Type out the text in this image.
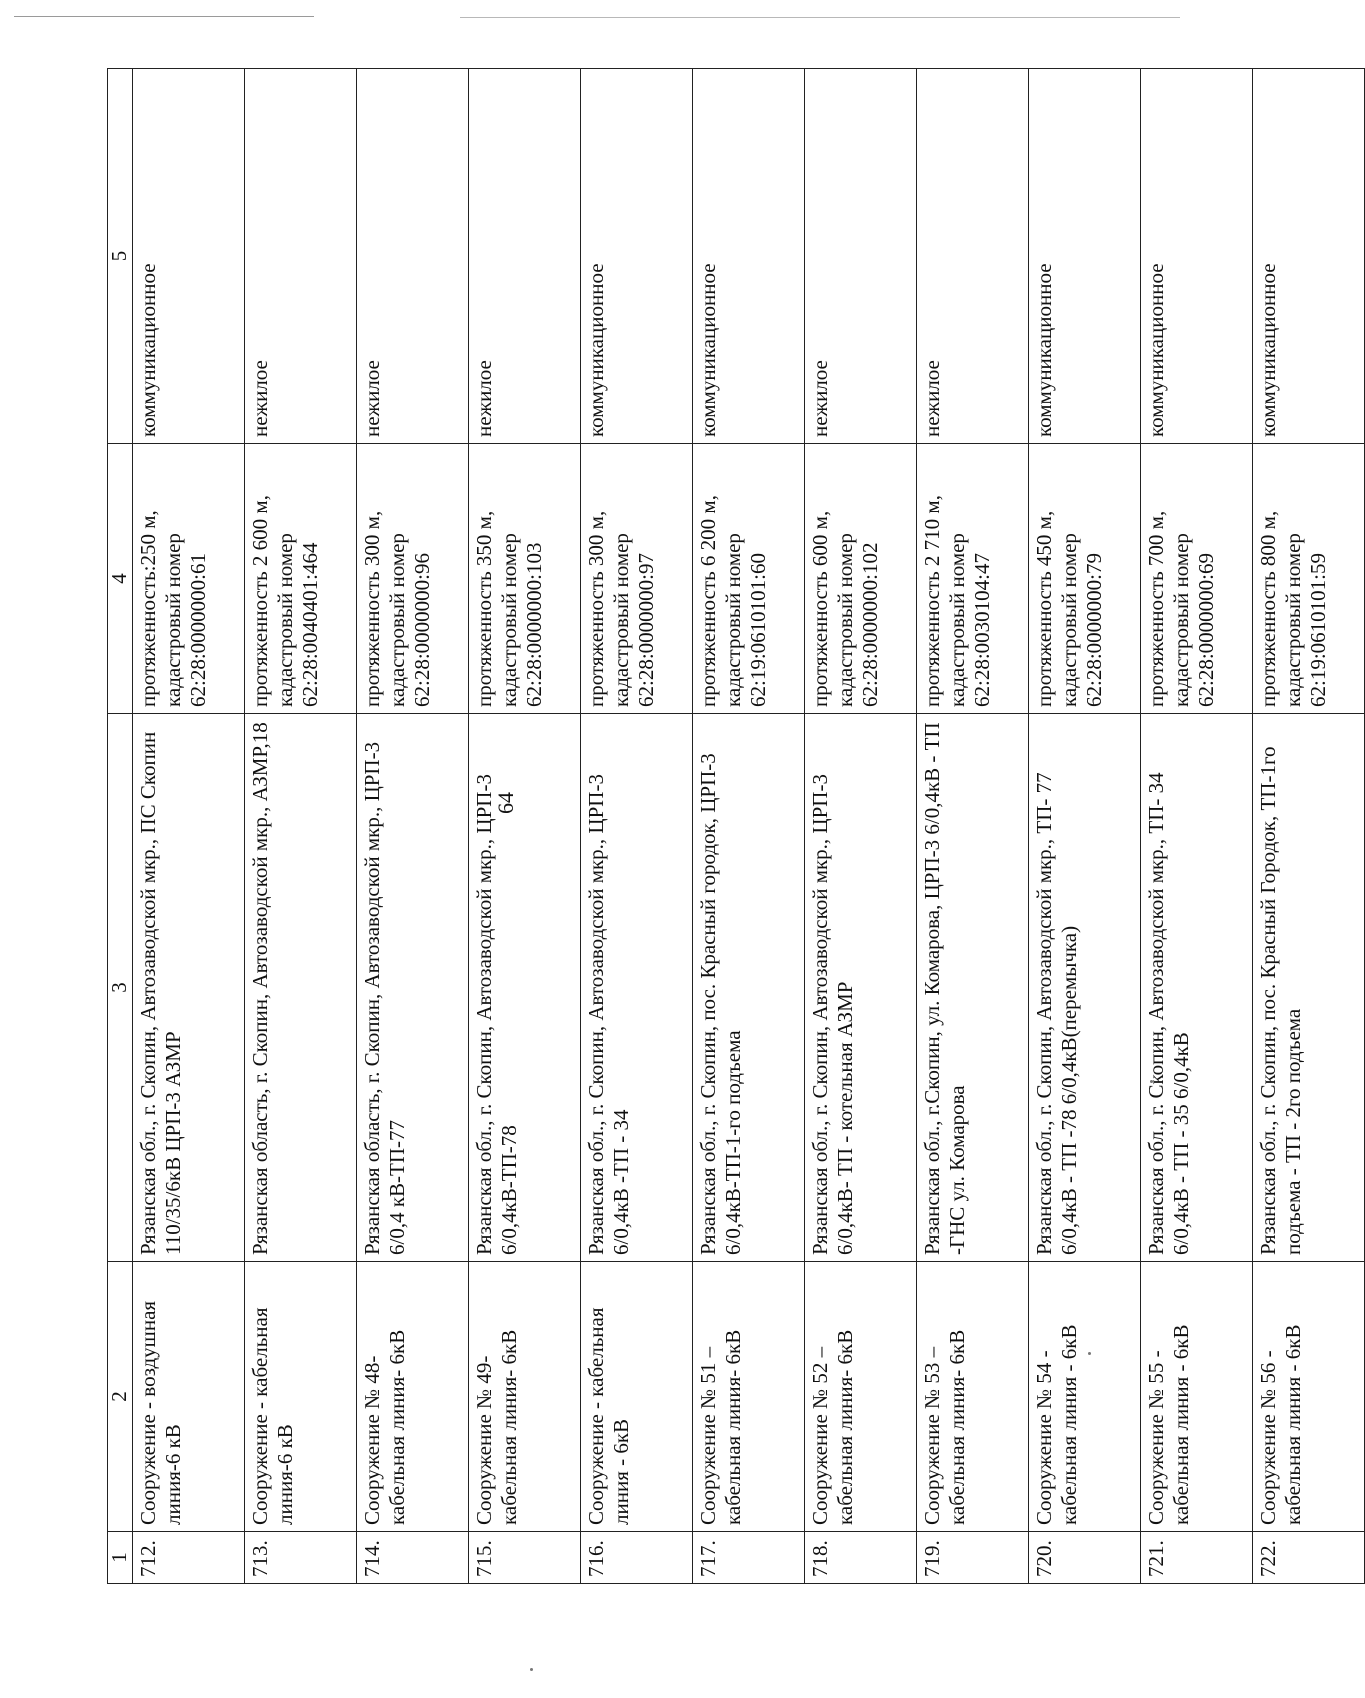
64
1	2	3	4	5
712.	Сооружение - воздушная линия-6 кВ	Рязанская обл., г. Скопин, Автозаводской мкр., ПС Скопин 110/35/6кВ ЦРП-3 АЗМР	протяженность:250 м, кадастровый номер 62:28:0000000:61	коммуникационное
713.	Сооружение - кабельная линия-6 кВ	Рязанская область, г. Скопин, Автозаводской мкр., АЗМР,18	протяженность 2 600 м, кадастровый номер 62:28:0040401:464	нежилое
714.	Сооружение № 48- кабельная линия- 6кВ	Рязанская область, г. Скопин, Автозаводской мкр., ЦРП-3 6/0,4 кВ-ТП-77	протяженность 300 м, кадастровый номер 62:28:0000000:96	нежилое
715.	Сооружение № 49- кабельная линия- 6кВ	Рязанская обл., г. Скопин, Автозаводской мкр., ЦРП-3 6/0,4кВ-ТП-78	протяженность 350 м, кадастровый номер 62:28:0000000:103	нежилое
716.	Сооружение - кабельная линия - 6кВ	Рязанская обл., г. Скопин, Автозаводской мкр., ЦРП-3 6/0,4кВ -ТП - 34	протяженность 300 м, кадастровый номер 62:28:0000000:97	коммуникационное
717.	Сооружение № 51 – кабельная линия- 6кВ	Рязанская обл., г. Скопин, пос. Красный городок, ЦРП-3 6/0,4кВ-ТП-1-го подъема	протяженность 6 200 м, кадастровый номер 62:19:0610101:60	коммуникационное
718.	Сооружение № 52 – кабельная линия- 6кВ	Рязанская обл., г. Скопин, Автозаводской мкр., ЦРП-3 6/0,4кВ- ТП - котельная АЗМР	протяженность 600 м, кадастровый номер 62:28:0000000:102	нежилое
719.	Сооружение № 53 – кабельная линия- 6кВ	Рязанская обл., г.Скопин, ул. Комарова, ЦРП-3 6/0,4кВ - ТП -ГНС ул. Комарова	протяженность 2 710 м, кадастровый номер 62:28:0030104:47	нежилое
720.	Сооружение № 54 - кабельная линия - 6кВ	Рязанская обл., г. Скопин, Автозаводской мкр., ТП- 77 6/0,4кВ - ТП -78 6/0,4кВ(перемычка)	протяженность 450 м, кадастровый номер 62:28:0000000:79	коммуникационное
721.	Сооружение № 55 - кабельная линия - 6кВ	Рязанская обл., г. Скопин, Автозаводской мкр., ТП- 34 6/0,4кВ - ТП - 35 6/0,4кВ	протяженность 700 м, кадастровый номер 62:28:0000000:69	коммуникационное
722.	Сооружение № 56 - кабельная линия - 6кВ	Рязанская обл., г. Скопин, пос. Красный Городок, ТП-1го подъема - ТП - 2го подъема	протяженность 800 м, кадастровый номер 62:19:0610101:59	коммуникационное
